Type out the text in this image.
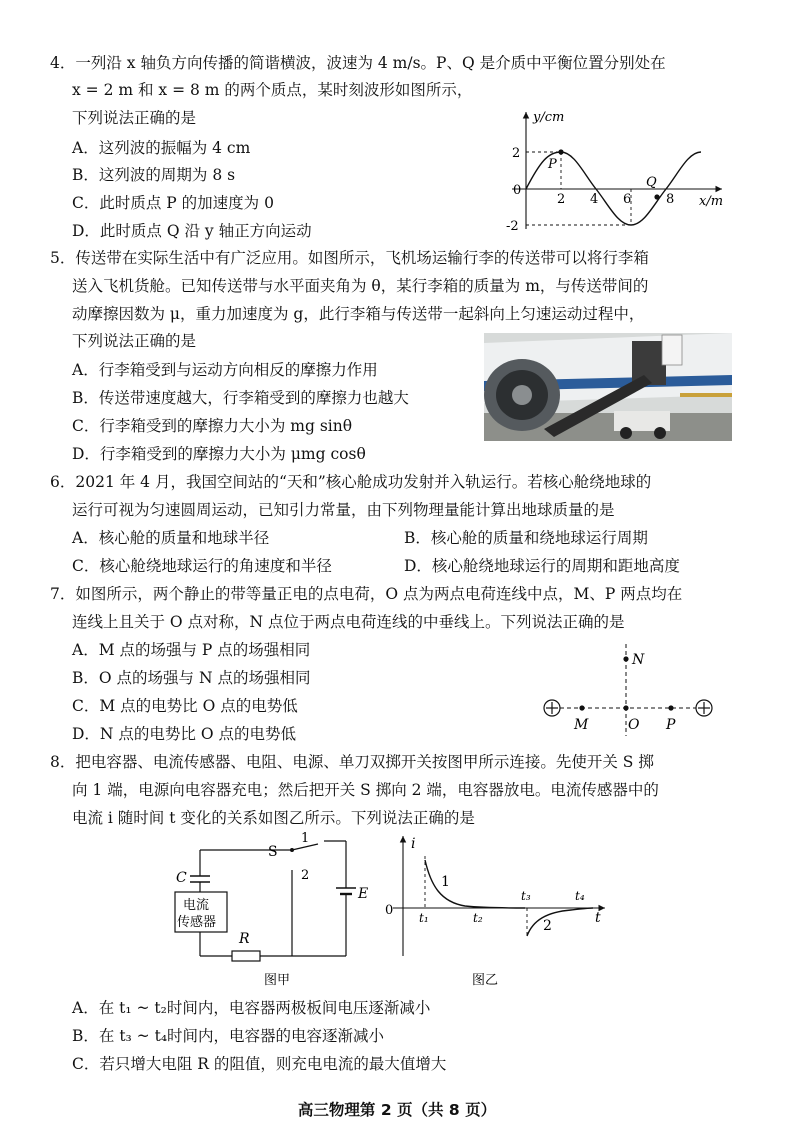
4．一列沿 x 轴负方向传播的简谐横波，波速为 4 m/s。P、Q 是介质中平衡位置分别处在
x = 2 m 和 x = 8 m 的两个质点，某时刻波形如图所示，
下列说法正确的是
A．这列波的振幅为 4 cm
B．这列波的周期为 8 s
C．此时质点 P 的加速度为 0
D．此时质点 Q 沿 y 轴正方向运动
y/cm
x/m
2
0
-2
P
Q
2 4 6	8
5．传送带在实际生活中有广泛应用。如图所示，飞机场运输行李的传送带可以将行李箱
送入飞机货舱。已知传送带与水平面夹角为 θ，某行李箱的质量为 m，与传送带间的
动摩擦因数为 μ，重力加速度为 g，此行李箱与传送带一起斜向上匀速运动过程中，
下列说法正确的是
A．行李箱受到与运动方向相反的摩擦力作用
B．传送带速度越大，行李箱受到的摩擦力也越大
C．行李箱受到的摩擦力大小为 mg sinθ
D．行李箱受到的摩擦力大小为 μmg cosθ
6．2021 年 4 月，我国空间站的“天和”核心舱成功发射并入轨运行。若核心舱绕地球的
运行可视为匀速圆周运动，已知引力常量，由下列物理量能计算出地球质量的是
A．核心舱的质量和地球半径	B．核心舱的质量和绕地球运行周期
C．核心舱绕地球运行的角速度和半径	D．核心舱绕地球运行的周期和距地高度
7．如图所示，两个静止的带等量正电的点电荷，O 点为两点电荷连线中点，M、P 两点均在
连线上且关于 O 点对称，N 点位于两点电荷连线的中垂线上。下列说法正确的是
A．M 点的场强与 P 点的场强相同
B．O 点的场强与 N 点的场强相同
C．M 点的电势比 O 点的电势低
D．N 点的电势比 O 点的电势低
N
M	O P
8．把电容器、电流传感器、电阻、电源、单刀双掷开关按图甲所示连接。先使开关 S 掷
向 1 端，电源向电容器充电；然后把开关 S 掷向 2 端，电容器放电。电流传感器中的
电流 i 随时间 t 变化的关系如图乙所示。下列说法正确的是
电流
传感器
C
S
1
2
E
R
图甲
i
t
0
1
2
t₁	t₂
t₃	t₄
图乙
A．在 t₁ ~ t₂时间内，电容器两极板间电压逐渐减小
B．在 t₃ ~ t₄时间内，电容器的电容逐渐减小
C．若只增大电阻 R 的阻值，则充电电流的最大值增大
高三物理第 2 页（共 8 页）
